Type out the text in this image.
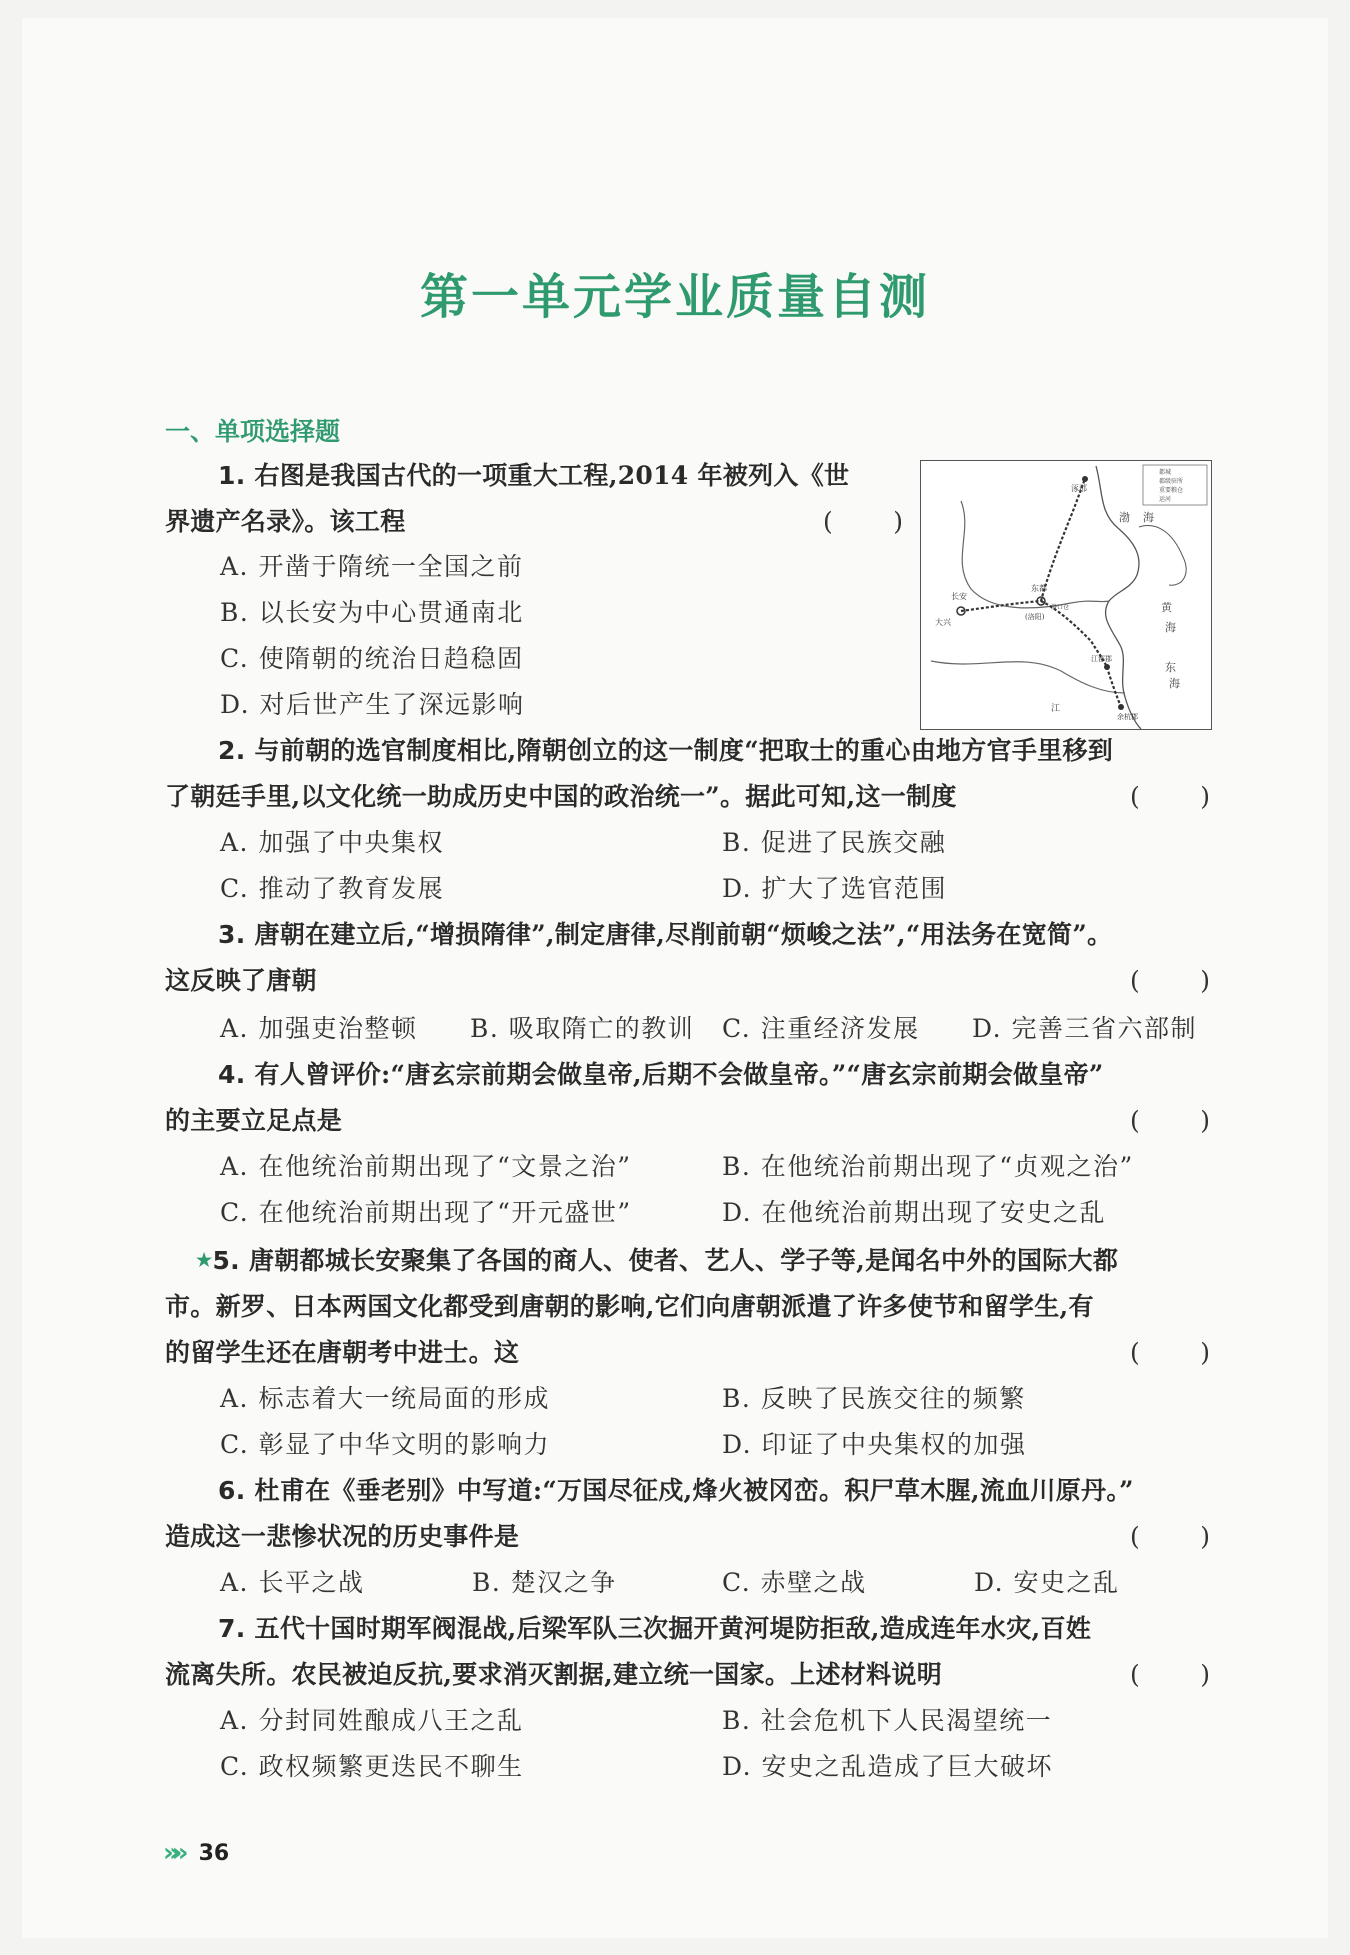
第一单元学业质量自测
一、单项选择题
1. 右图是我国古代的一项重大工程,2014 年被列入《世
界遗产名录》。该工程	( )
A. 开凿于隋统一全国之前
B. 以长安为中心贯通南北
C. 使隋朝的统治日趋稳固
D. 对后世产生了深远影响
都城
郡级驻所
重要粮仓
运河
涿郡
渤 海
黄
海
东
海
东都
(洛阳)
长安
大兴
江都郡
余杭郡
洛口仓
江
2. 与前朝的选官制度相比,隋朝创立的这一制度“把取士的重心由地方官手里移到
了朝廷手里,以文化统一助成历史中国的政治统一”。据此可知,这一制度	( )
A. 加强了中央集权	B. 促进了民族交融
C. 推动了教育发展	D. 扩大了选官范围
3. 唐朝在建立后,“增损隋律”,制定唐律,尽削前朝“烦峻之法”,“用法务在宽简”。
这反映了唐朝	( )
A. 加强吏治整顿 B. 吸取隋亡的教训 C. 注重经济发展 D. 完善三省六部制
4. 有人曾评价:“唐玄宗前期会做皇帝,后期不会做皇帝。”“唐玄宗前期会做皇帝”
的主要立足点是	( )
A. 在他统治前期出现了“文景之治”	B. 在他统治前期出现了“贞观之治”
C. 在他统治前期出现了“开元盛世”	D. 在他统治前期出现了安史之乱
★5. 唐朝都城长安聚集了各国的商人、使者、艺人、学子等,是闻名中外的国际大都
市。新罗、日本两国文化都受到唐朝的影响,它们向唐朝派遣了许多使节和留学生,有
的留学生还在唐朝考中进士。这	( )
A. 标志着大一统局面的形成	B. 反映了民族交往的频繁
C. 彰显了中华文明的影响力	D. 印证了中央集权的加强
6. 杜甫在《垂老别》中写道:“万国尽征戍,烽火被冈峦。积尸草木腥,流血川原丹。”
造成这一悲惨状况的历史事件是	( )
A. 长平之战	B. 楚汉之争	C. 赤壁之战	D. 安史之乱
7. 五代十国时期军阀混战,后梁军队三次掘开黄河堤防拒敌,造成连年水灾,百姓
流离失所。农民被迫反抗,要求消灭割据,建立统一国家。上述材料说明	( )
A. 分封同姓酿成八王之乱	B. 社会危机下人民渴望统一
C. 政权频繁更迭民不聊生	D. 安史之乱造成了巨大破坏
»» 36
